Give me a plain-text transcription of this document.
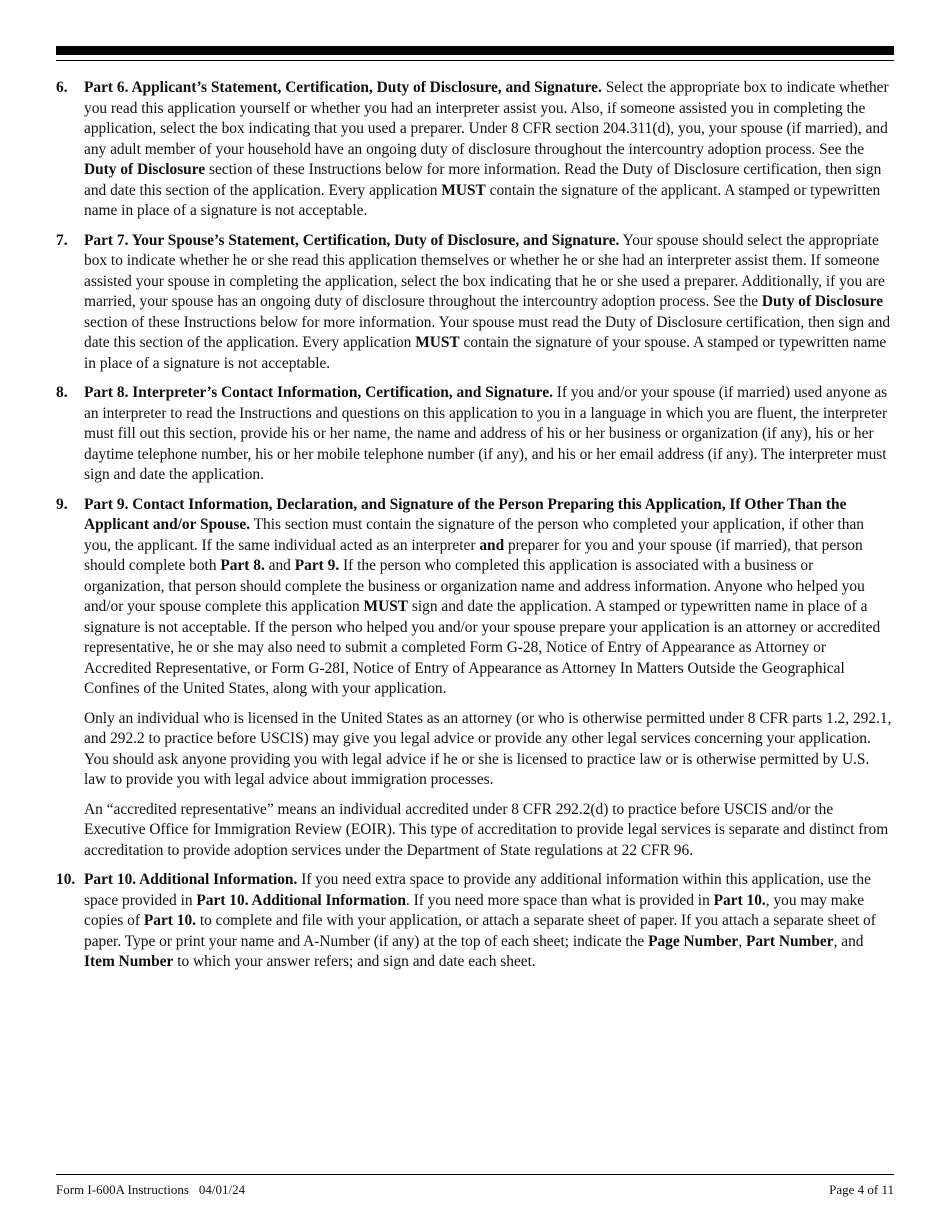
6. Part 6. Applicant’s Statement, Certification, Duty of Disclosure, and Signature. Select the appropriate box to indicate whether you read this application yourself or whether you had an interpreter assist you. Also, if someone assisted you in completing the application, select the box indicating that you used a preparer. Under 8 CFR section 204.311(d), you, your spouse (if married), and any adult member of your household have an ongoing duty of disclosure throughout the intercountry adoption process. See the Duty of Disclosure section of these Instructions below for more information. Read the Duty of Disclosure certification, then sign and date this section of the application. Every application MUST contain the signature of the applicant. A stamped or typewritten name in place of a signature is not acceptable.

7. Part 7. Your Spouse’s Statement, Certification, Duty of Disclosure, and Signature. Your spouse should select the appropriate box to indicate whether he or she read this application themselves or whether he or she had an interpreter assist them. If someone assisted your spouse in completing the application, select the box indicating that he or she used a preparer. Additionally, if you are married, your spouse has an ongoing duty of disclosure throughout the intercountry adoption process. See the Duty of Disclosure section of these Instructions below for more information. Your spouse must read the Duty of Disclosure certification, then sign and date this section of the application. Every application MUST contain the signature of your spouse. A stamped or typewritten name in place of a signature is not acceptable.

8. Part 8. Interpreter’s Contact Information, Certification, and Signature. If you and/or your spouse (if married) used anyone as an interpreter to read the Instructions and questions on this application to you in a language in which you are fluent, the interpreter must fill out this section, provide his or her name, the name and address of his or her business or organization (if any), his or her daytime telephone number, his or her mobile telephone number (if any), and his or her email address (if any). The interpreter must sign and date the application.

9. Part 9. Contact Information, Declaration, and Signature of the Person Preparing this Application, If Other Than the Applicant and/or Spouse. This section must contain the signature of the person who completed your application, if other than you, the applicant. If the same individual acted as an interpreter and preparer for you and your spouse (if married), that person should complete both Part 8. and Part 9. If the person who completed this application is associated with a business or organization, that person should complete the business or organization name and address information. Anyone who helped you and/or your spouse complete this application MUST sign and date the application. A stamped or typewritten name in place of a signature is not acceptable. If the person who helped you and/or your spouse prepare your application is an attorney or accredited representative, he or she may also need to submit a completed Form G-28, Notice of Entry of Appearance as Attorney or Accredited Representative, or Form G-28I, Notice of Entry of Appearance as Attorney In Matters Outside the Geographical Confines of the United States, along with your application.

Only an individual who is licensed in the United States as an attorney (or who is otherwise permitted under 8 CFR parts 1.2, 292.1, and 292.2 to practice before USCIS) may give you legal advice or provide any other legal services concerning your application. You should ask anyone providing you with legal advice if he or she is licensed to practice law or is otherwise permitted by U.S. law to provide you with legal advice about immigration processes.

An “accredited representative” means an individual accredited under 8 CFR 292.2(d) to practice before USCIS and/or the Executive Office for Immigration Review (EOIR). This type of accreditation to provide legal services is separate and distinct from accreditation to provide adoption services under the Department of State regulations at 22 CFR 96.

10. Part 10. Additional Information. If you need extra space to provide any additional information within this application, use the space provided in Part 10. Additional Information. If you need more space than what is provided in Part 10., you may make copies of Part 10. to complete and file with your application, or attach a separate sheet of paper. If you attach a separate sheet of paper. Type or print your name and A-Number (if any) at the top of each sheet; indicate the Page Number, Part Number, and Item Number to which your answer refers; and sign and date each sheet.

Form I-600A Instructions 04/01/24	Page 4 of 11
